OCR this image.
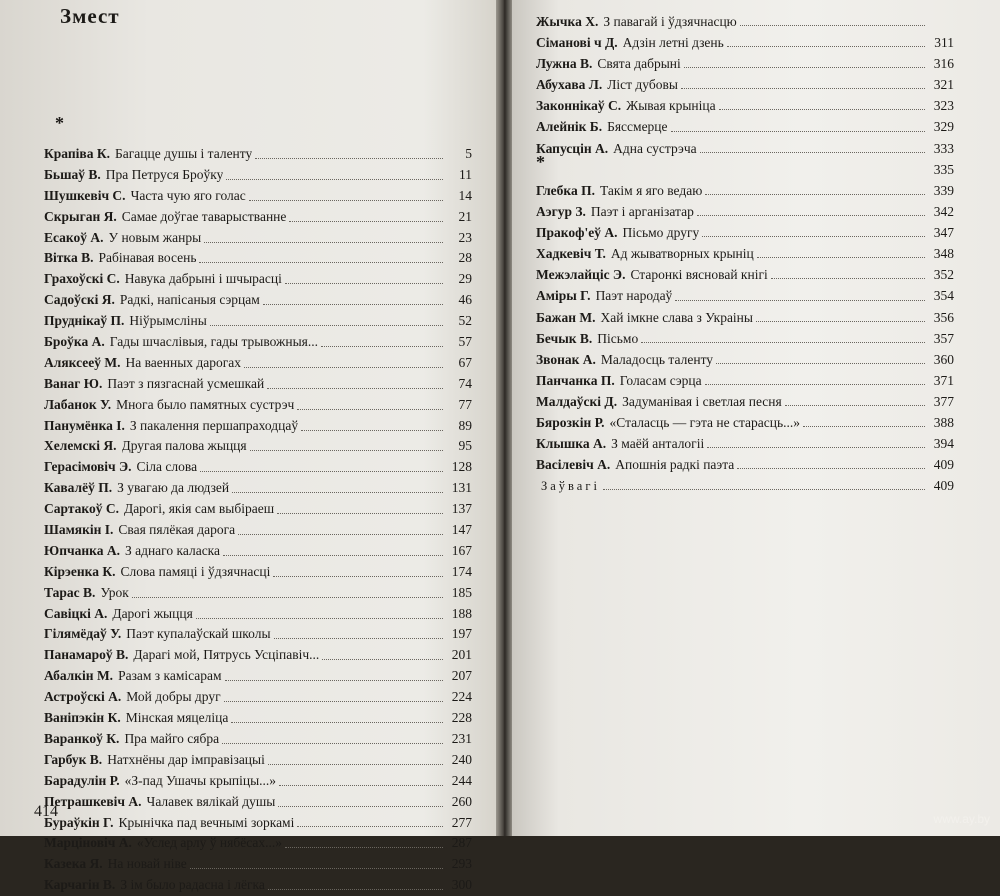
Змест
*
*
Крапіва К. Багацце душы і таленту	5
Бьшаў В. Пра Петруся Броўку	11
Шушкевіч С. Часта чую яго голас	14
Скрыган Я. Самае доўгае таварыстванне	21
Есакоў А. У новым жанры	23
Вітка В. Рабінавая восень	28
Грахоўскі С. Навука дабрыні і шчырасці	29
Садоўскі Я. Радкі, напісаныя сэрцам	46
Пруднікаў П. Ніўрымсліны	52
Броўка А. Гады шчаслівыя, гады трывожныя...	57
Аляксееў М. На ваенных дарогах	67
Ванаг Ю. Паэт з пязгаснай усмешкай	74
Лабанок У. Многа было памятных сустрэч	77
Панумёнка І. З пакалення першапраходцаў	89
Хелемскі Я. Другая палова жыцця	95
Герасімовіч Э. Сіла слова	128
Кавалёў П. З увагаю да людзей	131
Сартакоў С. Дарогі, якія сам выбіраеш	137
Шамякін І. Свая пялёкая дарога	147
Юпчанка А. З аднаго каласка	167
Кірэенка К. Слова памяці і ўдзячнасці	174
Тарас В. Урок	185
Савіцкі А. Дарогі жыцця	188
Гілямёдаў У. Паэт купалаўскай школы	197
Панамароў В. Дарагі мой, Пятрусь Усціпавіч...	201
Абалкін М. Разам з камісарам	207
Астроўскі А. Мой добры друг	224
Ваніпэкін К. Мінская мяцеліца	228
Варанкоў К. Пра майго сябра	231
Гарбук В. Натхнёны дар імправізацыі	240
Барадулін Р. «З-пад Ушачы крыпіцы...»	244
Петрашкевіч А. Чалавек вялікай душы	260
Бураўкін Г. Крынічка пад вечнымі зоркамі	277
Марціновіч А. «Услед арлу ў нябёсах...»	287
Казека Я. На новай ніве	293
Карчагін В. З ім было радасна і лёгка	300
Жычка Х. З павагай і ўдзячнасцю
Сіманові ч Д. Адзін летні дзень	311
Лужна В. Свята дабрыні	316
Абухава Л. Ліст дубовы	321
Законнікаў С. Жывая крыніца	323
Алейнік Б. Бяссмерце	329
Капусцін А. Адна сустрэча	333
335
Глебка П. Такім я яго ведаю	339
Аэгур З. Паэт і арганізатар	342
Пракоф'еў А. Пісьмо другу	347
Хадкевіч Т. Ад жыватворных крыніц	348
Межэлайціс Э. Старонкі вясновай кнігі	352
Аміры Г. Паэт народаў	354
Бажан М. Хай імкне слава з Украіны	356
Бечык В. Пісьмо	357
Звонак А. Маладосць таленту	360
Панчанка П. Голасам сэрца	371
Малдаўскі Д. Задуманівая і светлая песня	377
Бярозкін Р. «Сталасць — гэта не старасць...»	388
Клышка А. З маёй анталогіі	394
Васілевіч А. Апошнія радкі паэта	409
Заўвагі	409
414	www.ay.by
